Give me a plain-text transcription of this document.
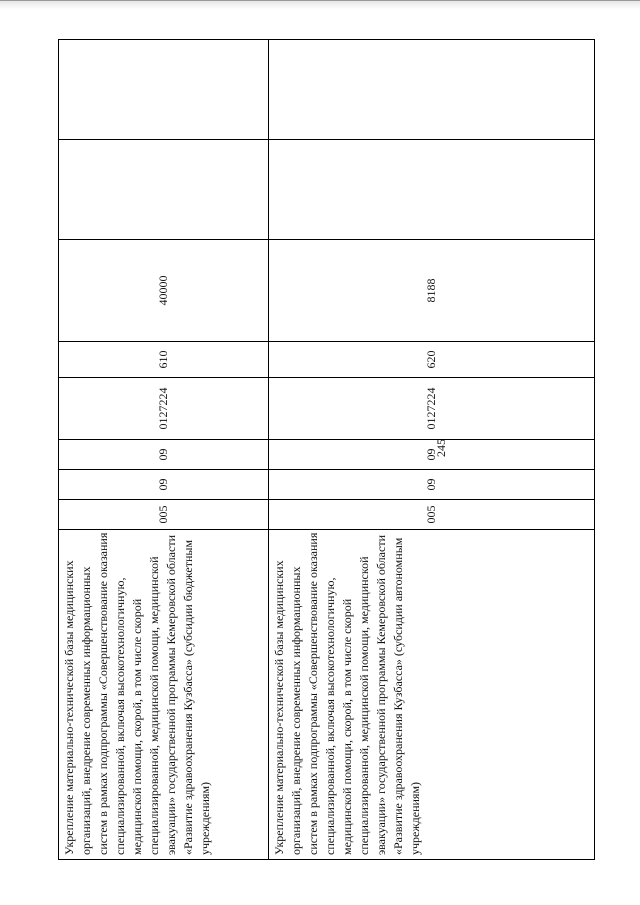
245
Укрепление материально-технической базы медицинских организаций, внедрение современных информационных систем в рамках подпрограммы «Совершенствование оказания специализированной, включая высокотехнологичную, медицинской помощи, скорой, в том числе скорой специализированной, медицинской помощи, медицинской эвакуации» государственной программы Кемеровской области «Развитие здравоохранения Кузбасса» (субсидии бюджетным учреждениям)	005	09	09	0127224	610	40000		
Укрепление материально-технической базы медицинских организаций, внедрение современных информационных систем в рамках подпрограммы «Совершенствование оказания специализированной, включая высокотехнологичную, медицинской помощи, скорой, в том числе скорой специализированной, медицинской помощи, медицинской эвакуации» государственной программы Кемеровской области «Развитие здравоохранения Кузбасса» (субсидии автономным учреждениям)	005	09	09	0127224	620	8188		
